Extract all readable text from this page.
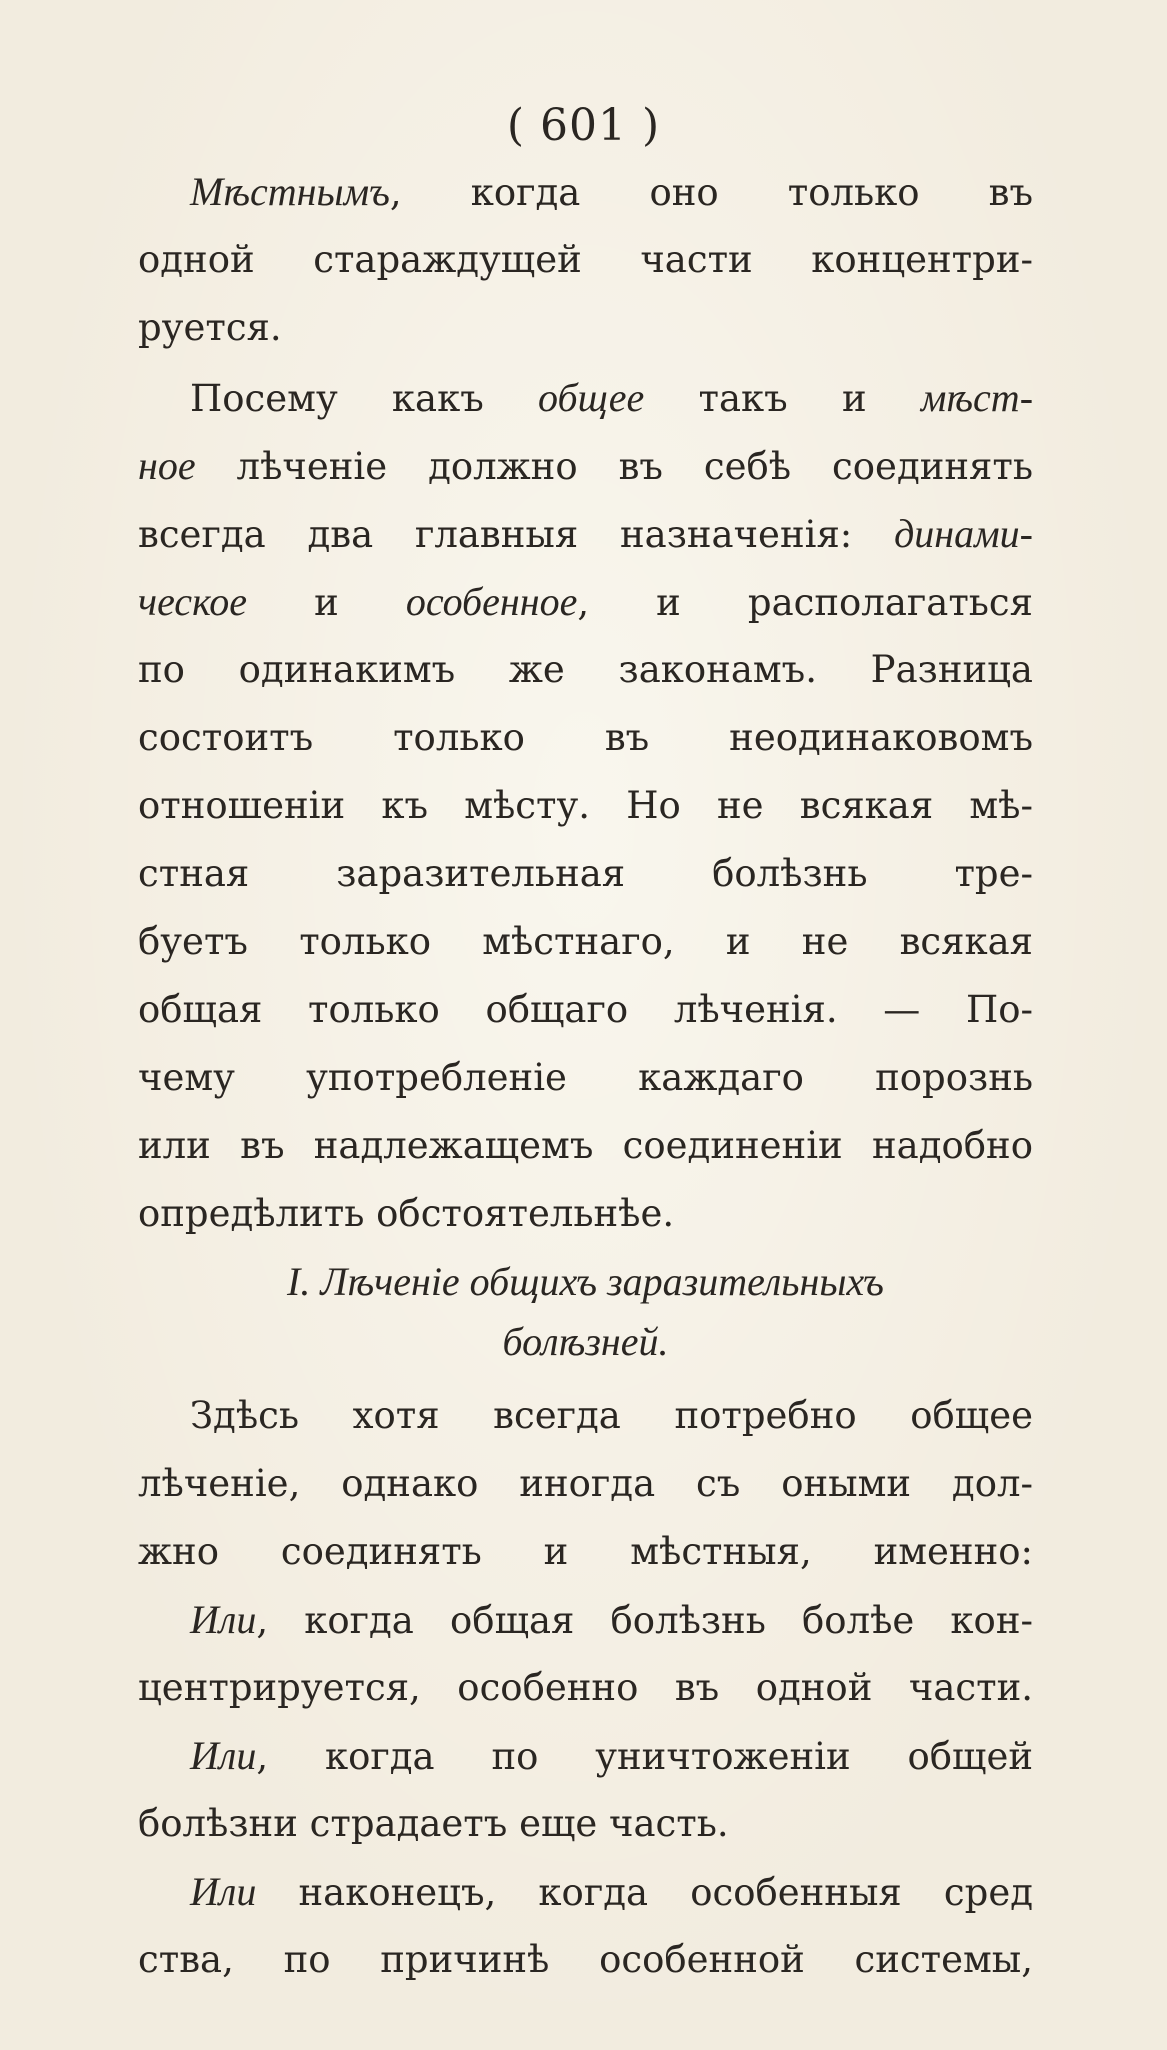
( 601 )
Мѣстнымъ, когда оно только въ
одной стараждущей части концентри-
руется.
Посему какъ общее такъ и мѣст-
ное лѣченіе должно въ себѣ соединять
всегда два главныя назначенія: динами-
ческое и особенное, и располагаться
по одинакимъ же законамъ. Разница
состоитъ только въ неодинаковомъ
отношеніи къ мѣсту. Но не всякая мѣ-
стная заразительная болѣзнь тре-
буетъ только мѣстнаго, и не всякая
общая только общаго лѣченія. — По-
чему употребленіе каждаго порознь
или въ надлежащемъ соединеніи надобно
опредѣлить обстоятельнѣе.
I. Лѣченіе общихъ заразительныхъ
болѣзней.
Здѣсь хотя всегда потребно общее
лѣченіе, однако иногда съ оными дол-
жно соединять и мѣстныя, именно:
Или, когда общая болѣзнь болѣе кон-
центрируется, особенно въ одной части.
Или, когда по уничтоженіи общей
болѣзни страдаетъ еще часть.
Или наконецъ, когда особенныя сред
ства, по причинѣ особенной системы,
